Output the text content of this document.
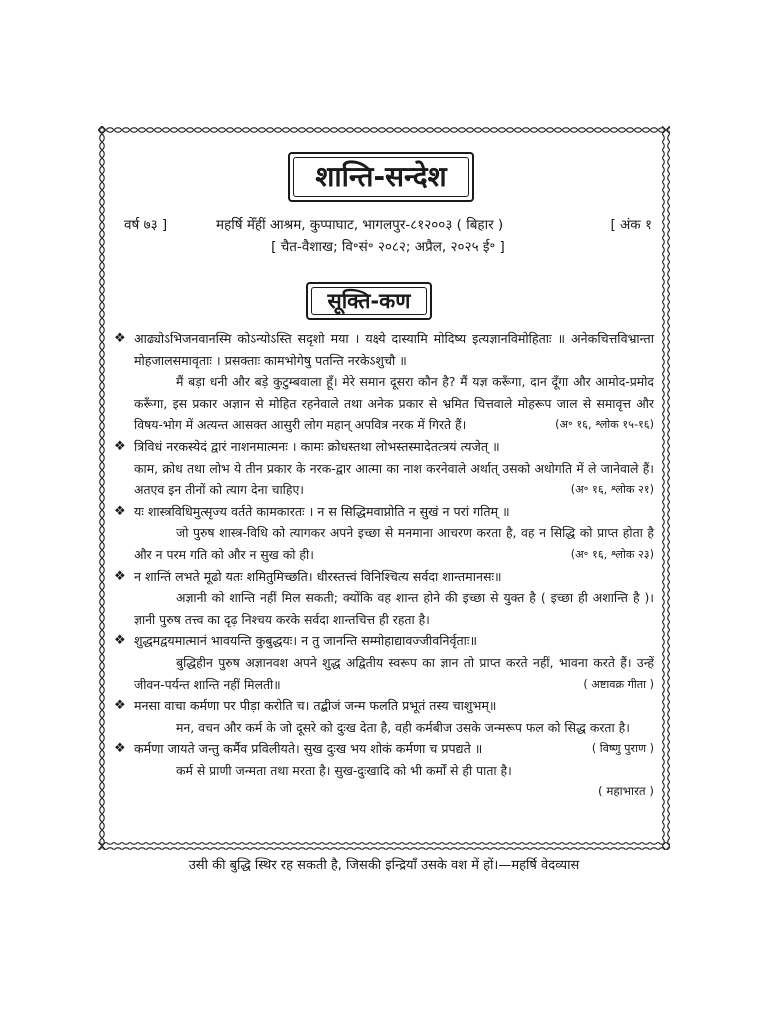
शान्ति-सन्देश
वर्ष ७३ ]	महर्षि मेँहीं आश्रम, कुप्पाघाट, भागलपुर-८१२००३ ( बिहार )	[ अंक १
[ चैत-वैशाख; वि॰सं॰ २०८२; अप्रैल, २०२५ ई॰ ]
सूक्ति-कण
❖ आढ्योऽभिजनवानस्मि कोऽन्योऽस्ति सदृशो मया । यक्ष्ये दास्यामि मोदिष्य इत्यज्ञानविमोहिताः ॥ अनेकचित्तविभ्रान्ता मोहजालसमावृताः । प्रसक्ताः कामभोगेषु पतन्ति नरकेऽशुचौ ॥
मैं बड़ा धनी और बड़े कुटुम्बवाला हूँ। मेरे समान दूसरा कौन है? मैं यज्ञ करूँगा, दान दूँगा और आमोद-प्रमोद करूँगा, इस प्रकार अज्ञान से मोहित रहनेवाले तथा अनेक प्रकार से भ्रमित चित्तवाले मोहरूप जाल से समावृत्त और विषय-भोग में अत्यन्त आसक्त आसुरी लोग महान् अपवित्र नरक में गिरते हैं।	(अ॰ १६, श्लोक १५-१६)
❖ त्रिविधं नरकस्येदं द्वारं नाशनमात्मनः । कामः क्रोधस्तथा लोभस्तस्मादेतत्त्रयं त्यजेत् ॥
काम, क्रोध तथा लोभ ये तीन प्रकार के नरक-द्वार आत्मा का नाश करनेवाले अर्थात् उसको अधोगति में ले जानेवाले हैं। अतएव इन तीनों को त्याग देना चाहिए।	(अ॰ १६, श्लोक २१)
❖ यः शास्त्रविधिमुत्सृज्य वर्तते कामकारतः । न स सिद्धिमवाप्नोति न सुखं न परां गतिम् ॥
जो पुरुष शास्त्र-विधि को त्यागकर अपने इच्छा से मनमाना आचरण करता है, वह न सिद्धि को प्राप्त होता है और न परम गति को और न सुख को ही।	(अ॰ १६, श्लोक २३)
❖ न शान्तिं लभते मूढो यतः शमितुमिच्छति। धीरस्तत्त्वं विनिश्चित्य सर्वदा शान्तमानसः॥
अज्ञानी को शान्ति नहीं मिल सकती; क्योंकि वह शान्त होने की इच्छा से युक्त है ( इच्छा ही अशान्ति है )। ज्ञानी पुरुष तत्त्व का दृढ़ निश्चय करके सर्वदा शान्तचित्त ही रहता है।
❖ शुद्धमद्वयमात्मानं भावयन्ति कुबुद्धयः। न तु जानन्ति सम्मोहाद्यावज्जीवनिर्वृताः॥
बुद्धिहीन पुरुष अज्ञानवश अपने शुद्ध अद्वितीय स्वरूप का ज्ञान तो प्राप्त करते नहीं, भावना करते हैं। उन्हें जीवन-पर्यन्त शान्ति नहीं मिलती॥	( अष्टावक्र गीता )
❖ मनसा वाचा कर्मणा पर पीड़ा करोति च। तद्बीजं जन्म फलति प्रभूतं तस्य चाशुभम्॥
मन, वचन और कर्म के जो दूसरे को दुःख देता है, वही कर्मबीज उसके जन्मरूप फल को सिद्ध करता है।
( विष्णु पुराण )
❖ कर्मणा जायते जन्तु कर्मैव प्रविलीयते। सुख दुःख भय शोकं कर्मणा च प्रपद्यते ॥
कर्म से प्राणी जन्मता तथा मरता है। सुख-दुःखादि को भी कर्मों से ही पाता है।
( महाभारत )
उसी की बुद्धि स्थिर रह सकती है, जिसकी इन्द्रियाँ उसके वश में हों।—महर्षि वेदव्यास
